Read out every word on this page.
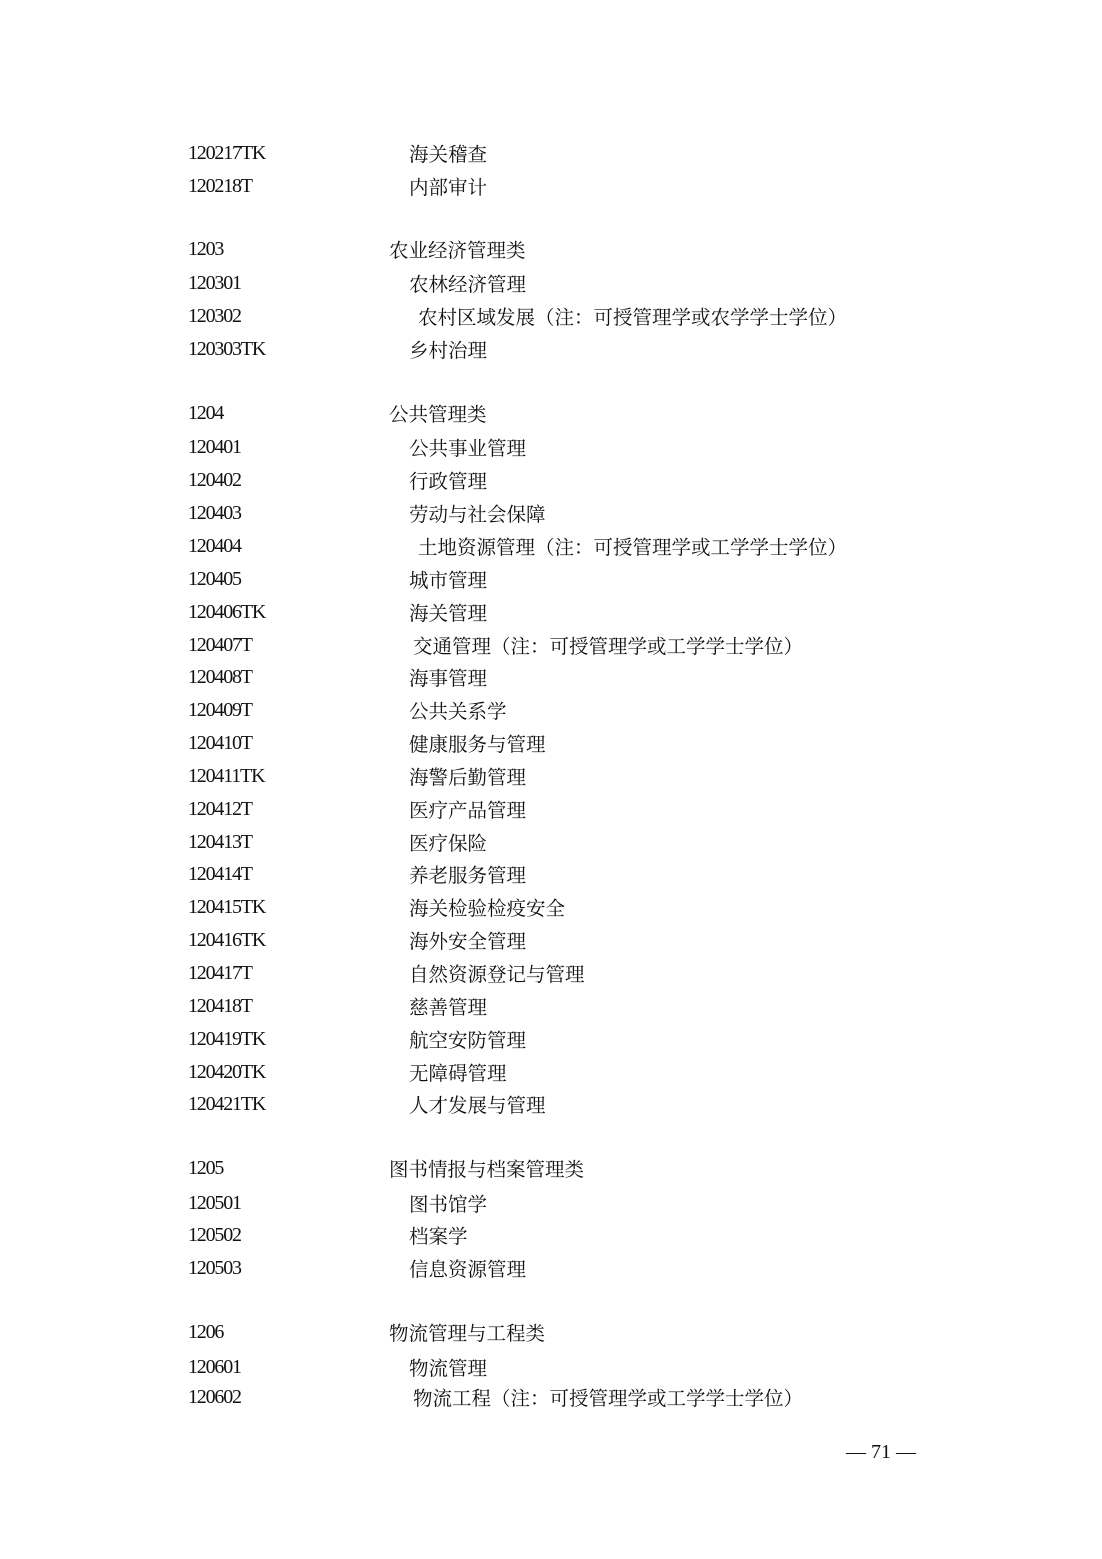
120217TK	海关稽查
120218T	内部审计
1203	农业经济管理类
120301	农林经济管理
120302	农村区域发展（注：可授管理学或农学学士学位）
120303TK	乡村治理
1204	公共管理类
120401	公共事业管理
120402	行政管理
120403	劳动与社会保障
120404	土地资源管理（注：可授管理学或工学学士学位）
120405	城市管理
120406TK	海关管理
120407T	交通管理（注：可授管理学或工学学士学位）
120408T	海事管理
120409T	公共关系学
120410T	健康服务与管理
120411TK	海警后勤管理
120412T	医疗产品管理
120413T	医疗保险
120414T	养老服务管理
120415TK	海关检验检疫安全
120416TK	海外安全管理
120417T	自然资源登记与管理
120418T	慈善管理
120419TK	航空安防管理
120420TK	无障碍管理
120421TK	人才发展与管理
1205	图书情报与档案管理类
120501	图书馆学
120502	档案学
120503	信息资源管理
1206	物流管理与工程类
120601	物流管理
120602	物流工程（注：可授管理学或工学学士学位）
— 71 —
